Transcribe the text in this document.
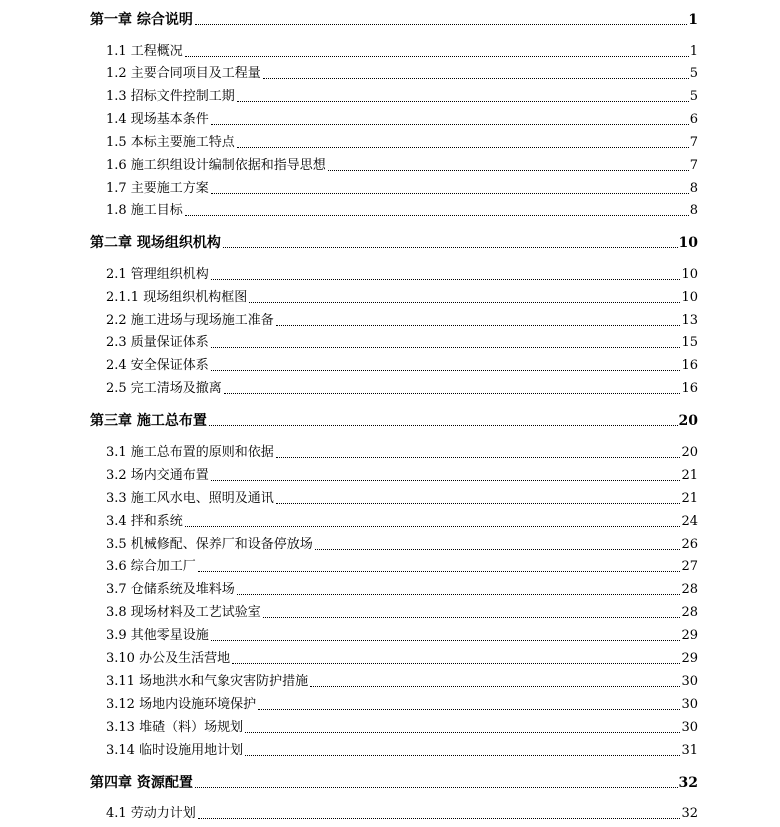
第一章 综合说明	1
1.1 工程概况	1
1.2 主要合同项目及工程量	5
1.3 招标文件控制工期	5
1.4 现场基本条件	6
1.5 本标主要施工特点	7
1.6 施工织组设计编制依据和指导思想	7
1.7 主要施工方案	8
1.8 施工目标	8
第二章 现场组织机构	10
2.1 管理组织机构	10
2.1.1 现场组织机构框图	10
2.2 施工进场与现场施工准备	13
2.3 质量保证体系	15
2.4 安全保证体系	16
2.5 完工清场及撤离	16
第三章 施工总布置	20
3.1 施工总布置的原则和依据	20
3.2 场内交通布置	21
3.3 施工风水电、照明及通讯	21
3.4 拌和系统	24
3.5 机械修配、保养厂和设备停放场	26
3.6 综合加工厂	27
3.7 仓储系统及堆料场	28
3.8 现场材料及工艺试验室	28
3.9 其他零星设施	29
3.10 办公及生活营地	29
3.11 场地洪水和气象灾害防护措施	30
3.12 场地内设施环境保护	30
3.13 堆碴（料）场规划	30
3.14 临时设施用地计划	31
第四章 资源配置	32
4.1 劳动力计划	32
